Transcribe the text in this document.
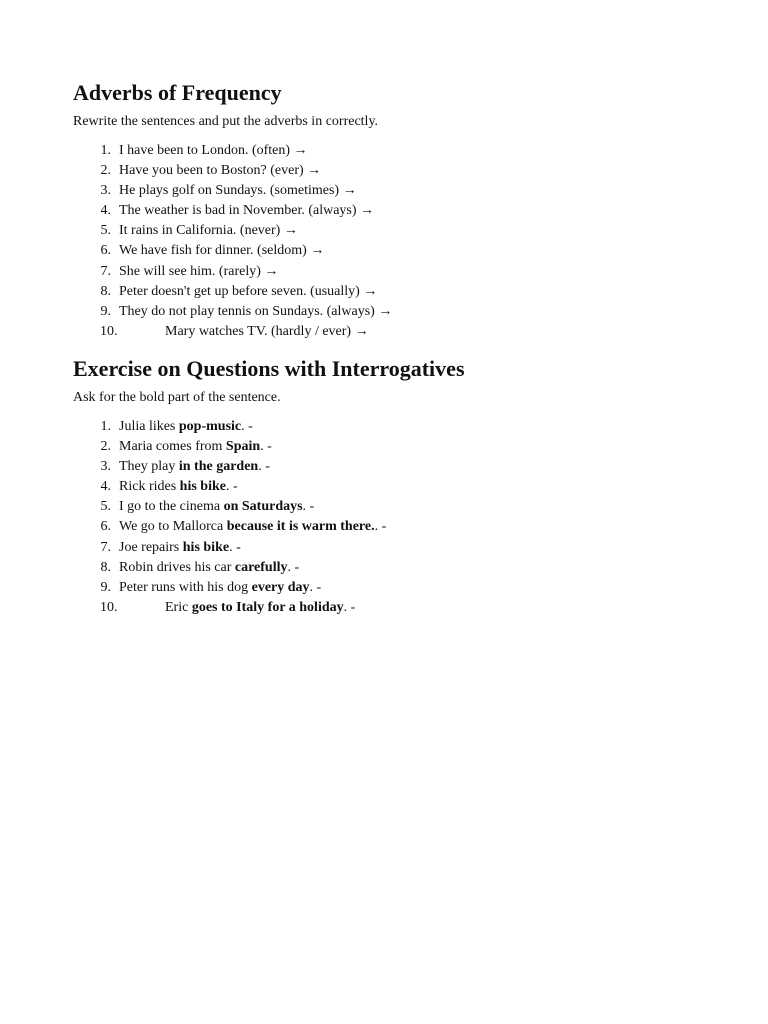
Adverbs of Frequency

Rewrite the sentences and put the adverbs in correctly.

1. I have been to London. (often) →
2. Have you been to Boston? (ever) →
3. He plays golf on Sundays. (sometimes) →
4. The weather is bad in November. (always) →
5. It rains in California. (never) →
6. We have fish for dinner. (seldom) →
7. She will see him. (rarely) →
8. Peter doesn't get up before seven. (usually) →
9. They do not play tennis on Sundays. (always) →
10.	Mary watches TV. (hardly / ever) →
Exercise on Questions with Interrogatives

Ask for the bold part of the sentence.

1. Julia likes pop-music. -
2. Maria comes from Spain. -
3. They play in the garden. -
4. Rick rides his bike. -
5. I go to the cinema on Saturdays. -
6. We go to Mallorca because it is warm there.. -
7. Joe repairs his bike. -
8. Robin drives his car carefully. -
9. Peter runs with his dog every day. -
10.	Eric goes to Italy for a holiday. -
